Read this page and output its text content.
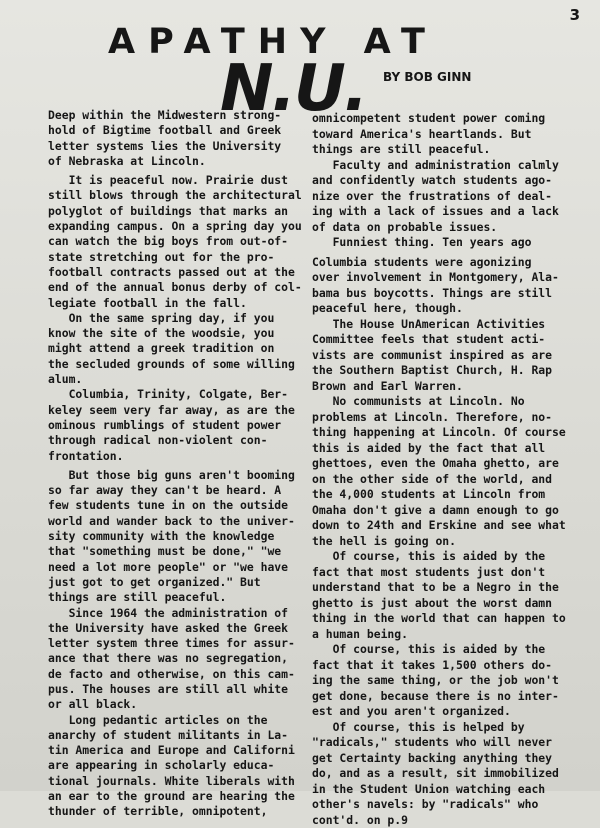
3
APATHY AT
N.U. BY BOB GINN
Deep within the Midwestern strong-
hold of Bigtime football and Greek
letter systems lies the University
of Nebraska at Lincoln.
It is peaceful now. Prairie dust
still blows through the architectural
polyglot of buildings that marks an
expanding campus. On a spring day you
can watch the big boys from out-of-
state stretching out for the pro-
football contracts passed out at the
end of the annual bonus derby of col-
legiate football in the fall.
On the same spring day, if you
know the site of the woodsie, you
might attend a greek tradition on
the secluded grounds of some willing
alum.
Columbia, Trinity, Colgate, Ber-
keley seem very far away, as are the
ominous rumblings of student power
through radical non-violent con-
frontation.
But those big guns aren't booming
so far away they can't be heard. A
few students tune in on the outside
world and wander back to the univer-
sity community with the knowledge
that "something must be done," "we
need a lot more people" or "we have
just got to get organized." But
things are still peaceful.
Since 1964 the administration of
the University have asked the Greek
letter system three times for assur-
ance that there was no segregation,
de facto and otherwise, on this cam-
pus. The houses are still all white
or all black.
Long pedantic articles on the
anarchy of student militants in La-
tin America and Europe and Californi
are appearing in scholarly educa-
tional journals. White liberals with
an ear to the ground are hearing the
thunder of terrible, omnipotent,
omnicompetent student power coming
toward America's heartlands. But
things are still peaceful.
Faculty and administration calmly
and confidently watch students ago-
nize over the frustrations of deal-
ing with a lack of issues and a lack
of data on probable issues.
Funniest thing. Ten years ago
Columbia students were agonizing
over involvement in Montgomery, Ala-
bama bus boycotts. Things are still
peaceful here, though.
The House UnAmerican Activities
Committee feels that student acti-
vists are communist inspired as are
the Southern Baptist Church, H. Rap
Brown and Earl Warren.
No communists at Lincoln. No
problems at Lincoln. Therefore, no-
thing happening at Lincoln. Of course
this is aided by the fact that all
ghettoes, even the Omaha ghetto, are
on the other side of the world, and
the 4,000 students at Lincoln from
Omaha don't give a damn enough to go
down to 24th and Erskine and see what
the hell is going on.
Of course, this is aided by the
fact that most students just don't
understand that to be a Negro in the
ghetto is just about the worst damn
thing in the world that can happen to
a human being.
Of course, this is aided by the
fact that it takes 1,500 others do-
ing the same thing, or the job won't
get done, because there is no inter-
est and you aren't organized.
Of course, this is helped by
"radicals," students who will never
get Certainty backing anything they
do, and as a result, sit immobilized
in the Student Union watching each
other's navels: by "radicals" who
cont'd. on p.9
